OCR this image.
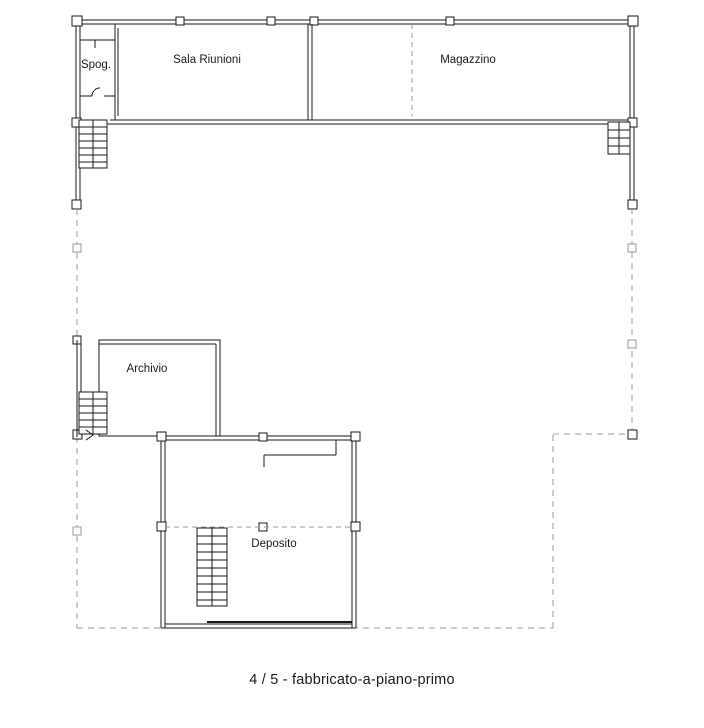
Spog.	Sala Riunioni	Magazzino
Archivio
Deposito
4 / 5 - fabbricato-a-piano-primo
